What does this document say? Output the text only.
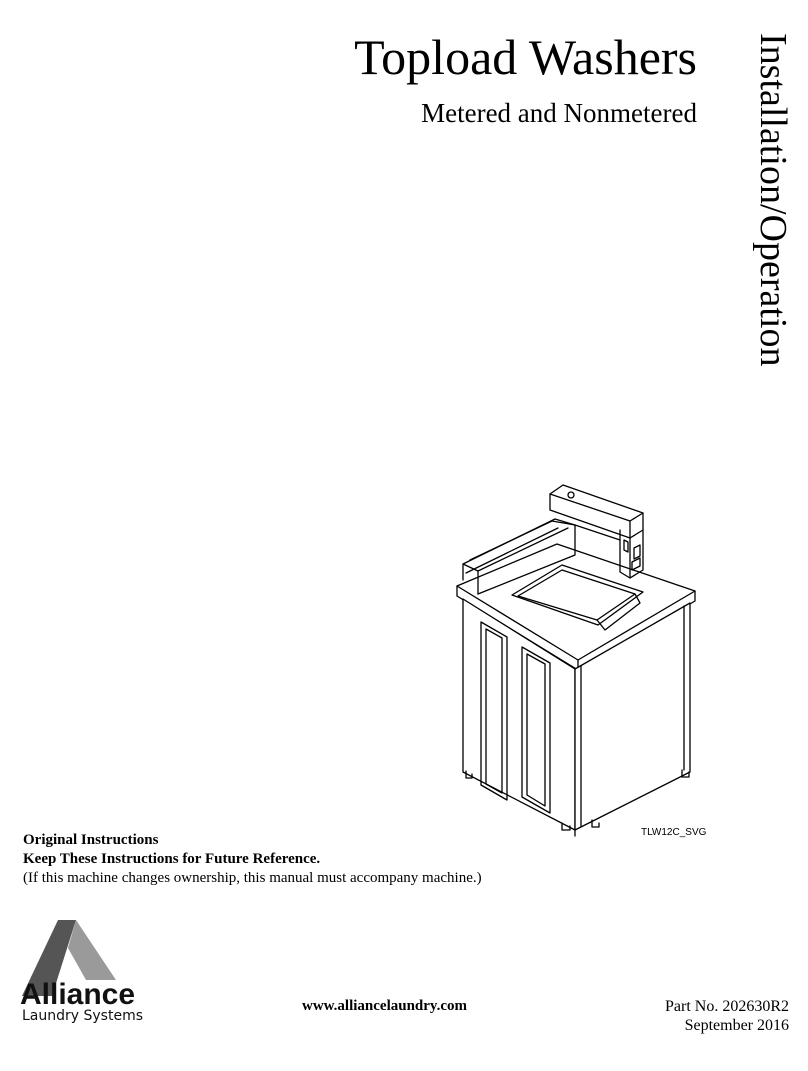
Topload Washers
Metered and Nonmetered Installation/Operation
TLW12C_SVG
Original Instructions
Keep These Instructions for Future Reference.
(If this machine changes ownership, this manual must accompany machine.)
Alliance
Laundry Systems
www.alliancelaundry.com	Part No. 202630R2
September 2016
